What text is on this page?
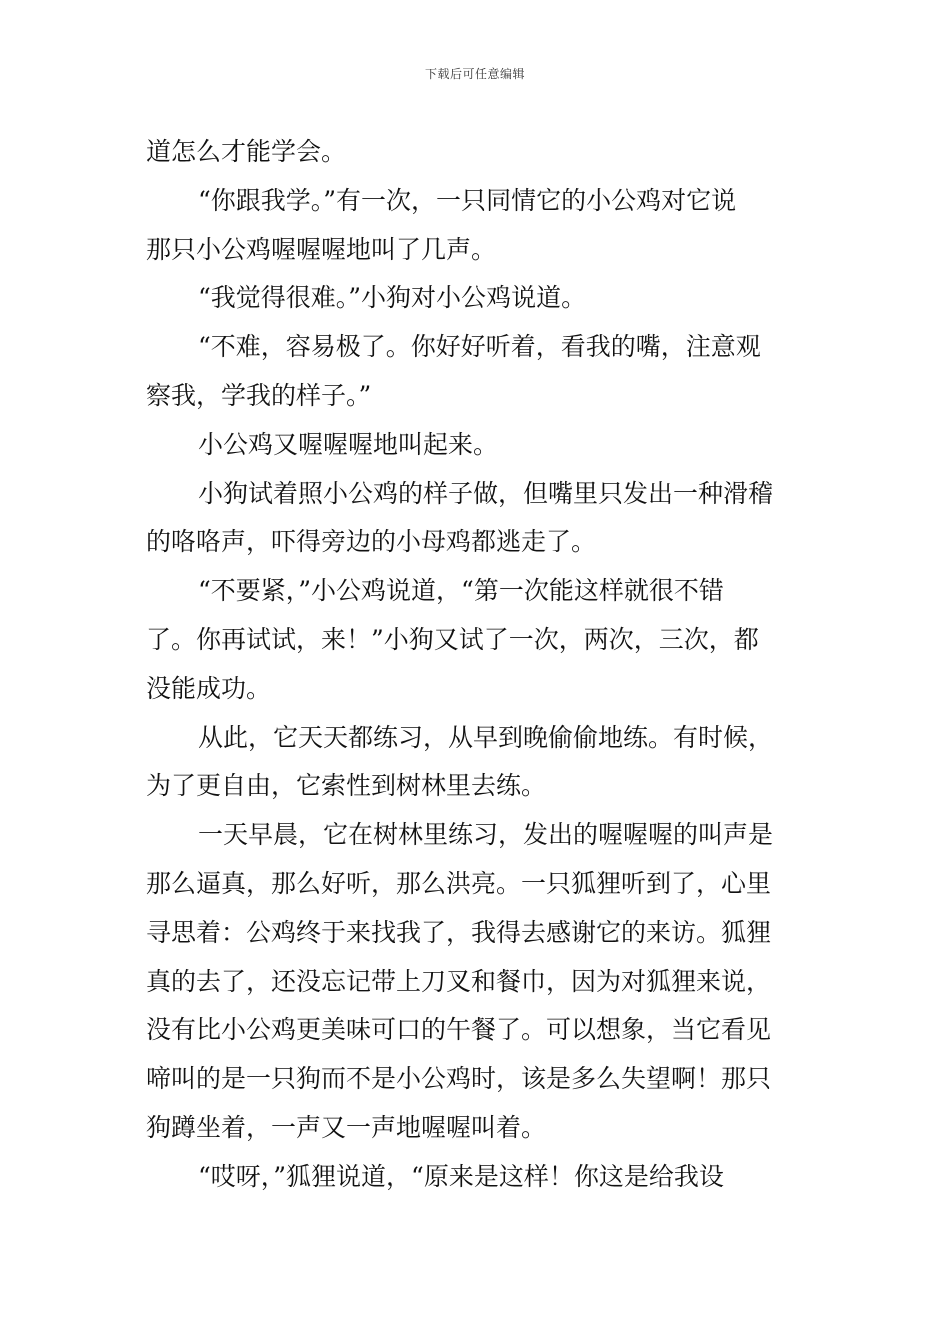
下载后可任意编辑
道怎么才能学会。
“你跟我学。”有一次，一只同情它的小公鸡对它说
那只小公鸡喔喔喔地叫了几声。
“我觉得很难。”小狗对小公鸡说道。
“不难，容易极了。你好好听着，看我的嘴，注意观
察我，学我的样子。”
小公鸡又喔喔喔地叫起来。
小狗试着照小公鸡的样子做，但嘴里只发出一种滑稽
的咯咯声，吓得旁边的小母鸡都逃走了。
“不要紧，”小公鸡说道，“第一次能这样就很不错
了。你再试试，来！”小狗又试了一次，两次，三次，都
没能成功。
从此，它天天都练习，从早到晚偷偷地练。有时候，
为了更自由，它索性到树林里去练。
一天早晨，它在树林里练习，发出的喔喔喔的叫声是
那么逼真，那么好听，那么洪亮。一只狐狸听到了，心里
寻思着：公鸡终于来找我了，我得去感谢它的来访。狐狸
真的去了，还没忘记带上刀叉和餐巾，因为对狐狸来说，
没有比小公鸡更美味可口的午餐了。可以想象，当它看见
啼叫的是一只狗而不是小公鸡时，该是多么失望啊！那只
狗蹲坐着，一声又一声地喔喔叫着。
“哎呀，”狐狸说道，“原来是这样！你这是给我设
